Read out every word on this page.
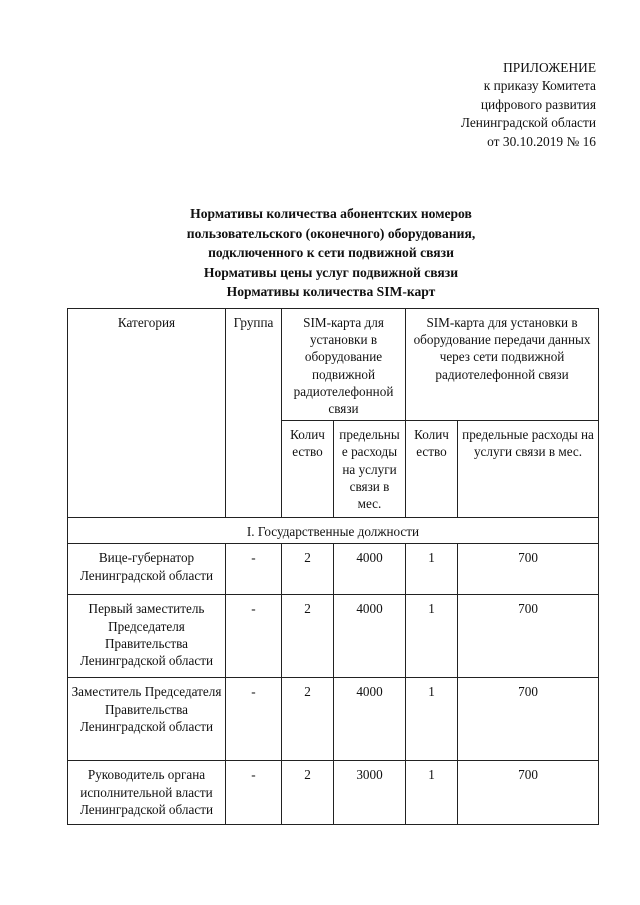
ПРИЛОЖЕНИЕ
к приказу Комитета
цифрового развития
Ленинградской области
от 30.10.2019 № 16
Нормативы количества абонентских номеров
пользовательского (оконечного) оборудования,
подключенного к сети подвижной связи
Нормативы цены услуг подвижной связи
Нормативы количества SIM-карт
Категория	Группа	SIM-карта для установки в оборудование подвижной радиотелефонной связи		SIM-карта для установки в оборудование передачи данных через сети подвижной радиотелефонной связи	
		Колич ество	предельны е расходы на услуги связи в мес.	Колич ество	предельные расходы на услуги связи в мес.
I. Государственные должности					
Вице-губернатор Ленинградской области	-	2	4000	1	700
Первый заместитель Председателя Правительства Ленинградской области	-	2	4000	1	700
Заместитель Председателя Правительства Ленинградской области	-	2	4000	1	700
Руководитель органа исполнительной власти Ленинградской области	-	2	3000	1	700
